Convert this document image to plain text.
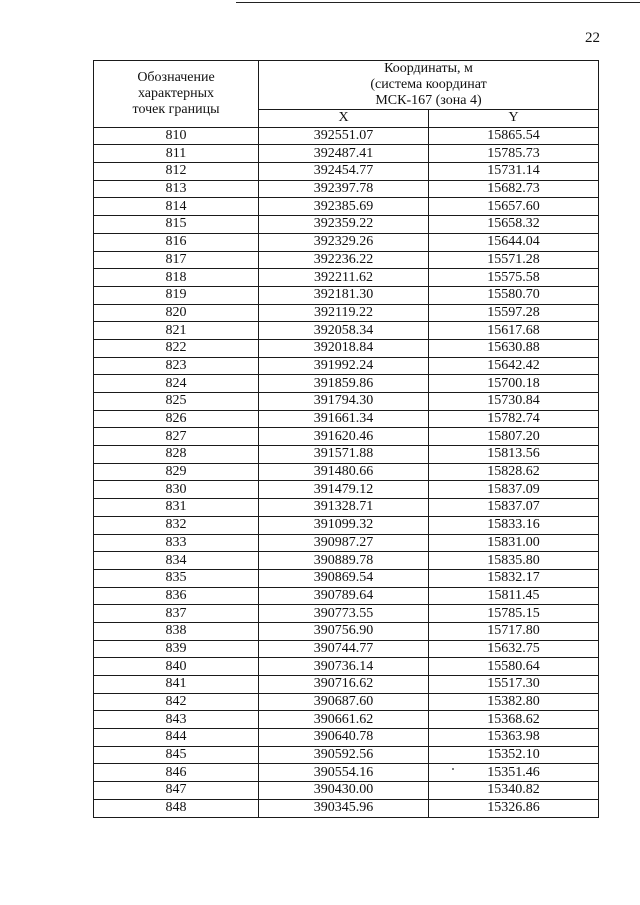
22
Обозначение
характерных
точек границы	Координаты, м
(система координат
МСК-167 (зона 4)	

	X	Y
810	392551.07	15865.54
811	392487.41	15785.73
812	392454.77	15731.14
813	392397.78	15682.73
814	392385.69	15657.60
815	392359.22	15658.32
816	392329.26	15644.04
817	392236.22	15571.28
818	392211.62	15575.58
819	392181.30	15580.70
820	392119.22	15597.28
821	392058.34	15617.68
822	392018.84	15630.88
823	391992.24	15642.42
824	391859.86	15700.18
825	391794.30	15730.84
826	391661.34	15782.74
827	391620.46	15807.20
828	391571.88	15813.56
829	391480.66	15828.62
830	391479.12	15837.09
831	391328.71	15837.07
832	391099.32	15833.16
833	390987.27	15831.00
834	390889.78	15835.80
835	390869.54	15832.17
836	390789.64	15811.45
837	390773.55	15785.15
838	390756.90	15717.80
839	390744.77	15632.75
840	390736.14	15580.64
841	390716.62	15517.30
842	390687.60	15382.80
843	390661.62	15368.62
844	390640.78	15363.98
845	390592.56	15352.10
846	390554.16	15351.46
847	390430.00	15340.82
848	390345.96	15326.86
